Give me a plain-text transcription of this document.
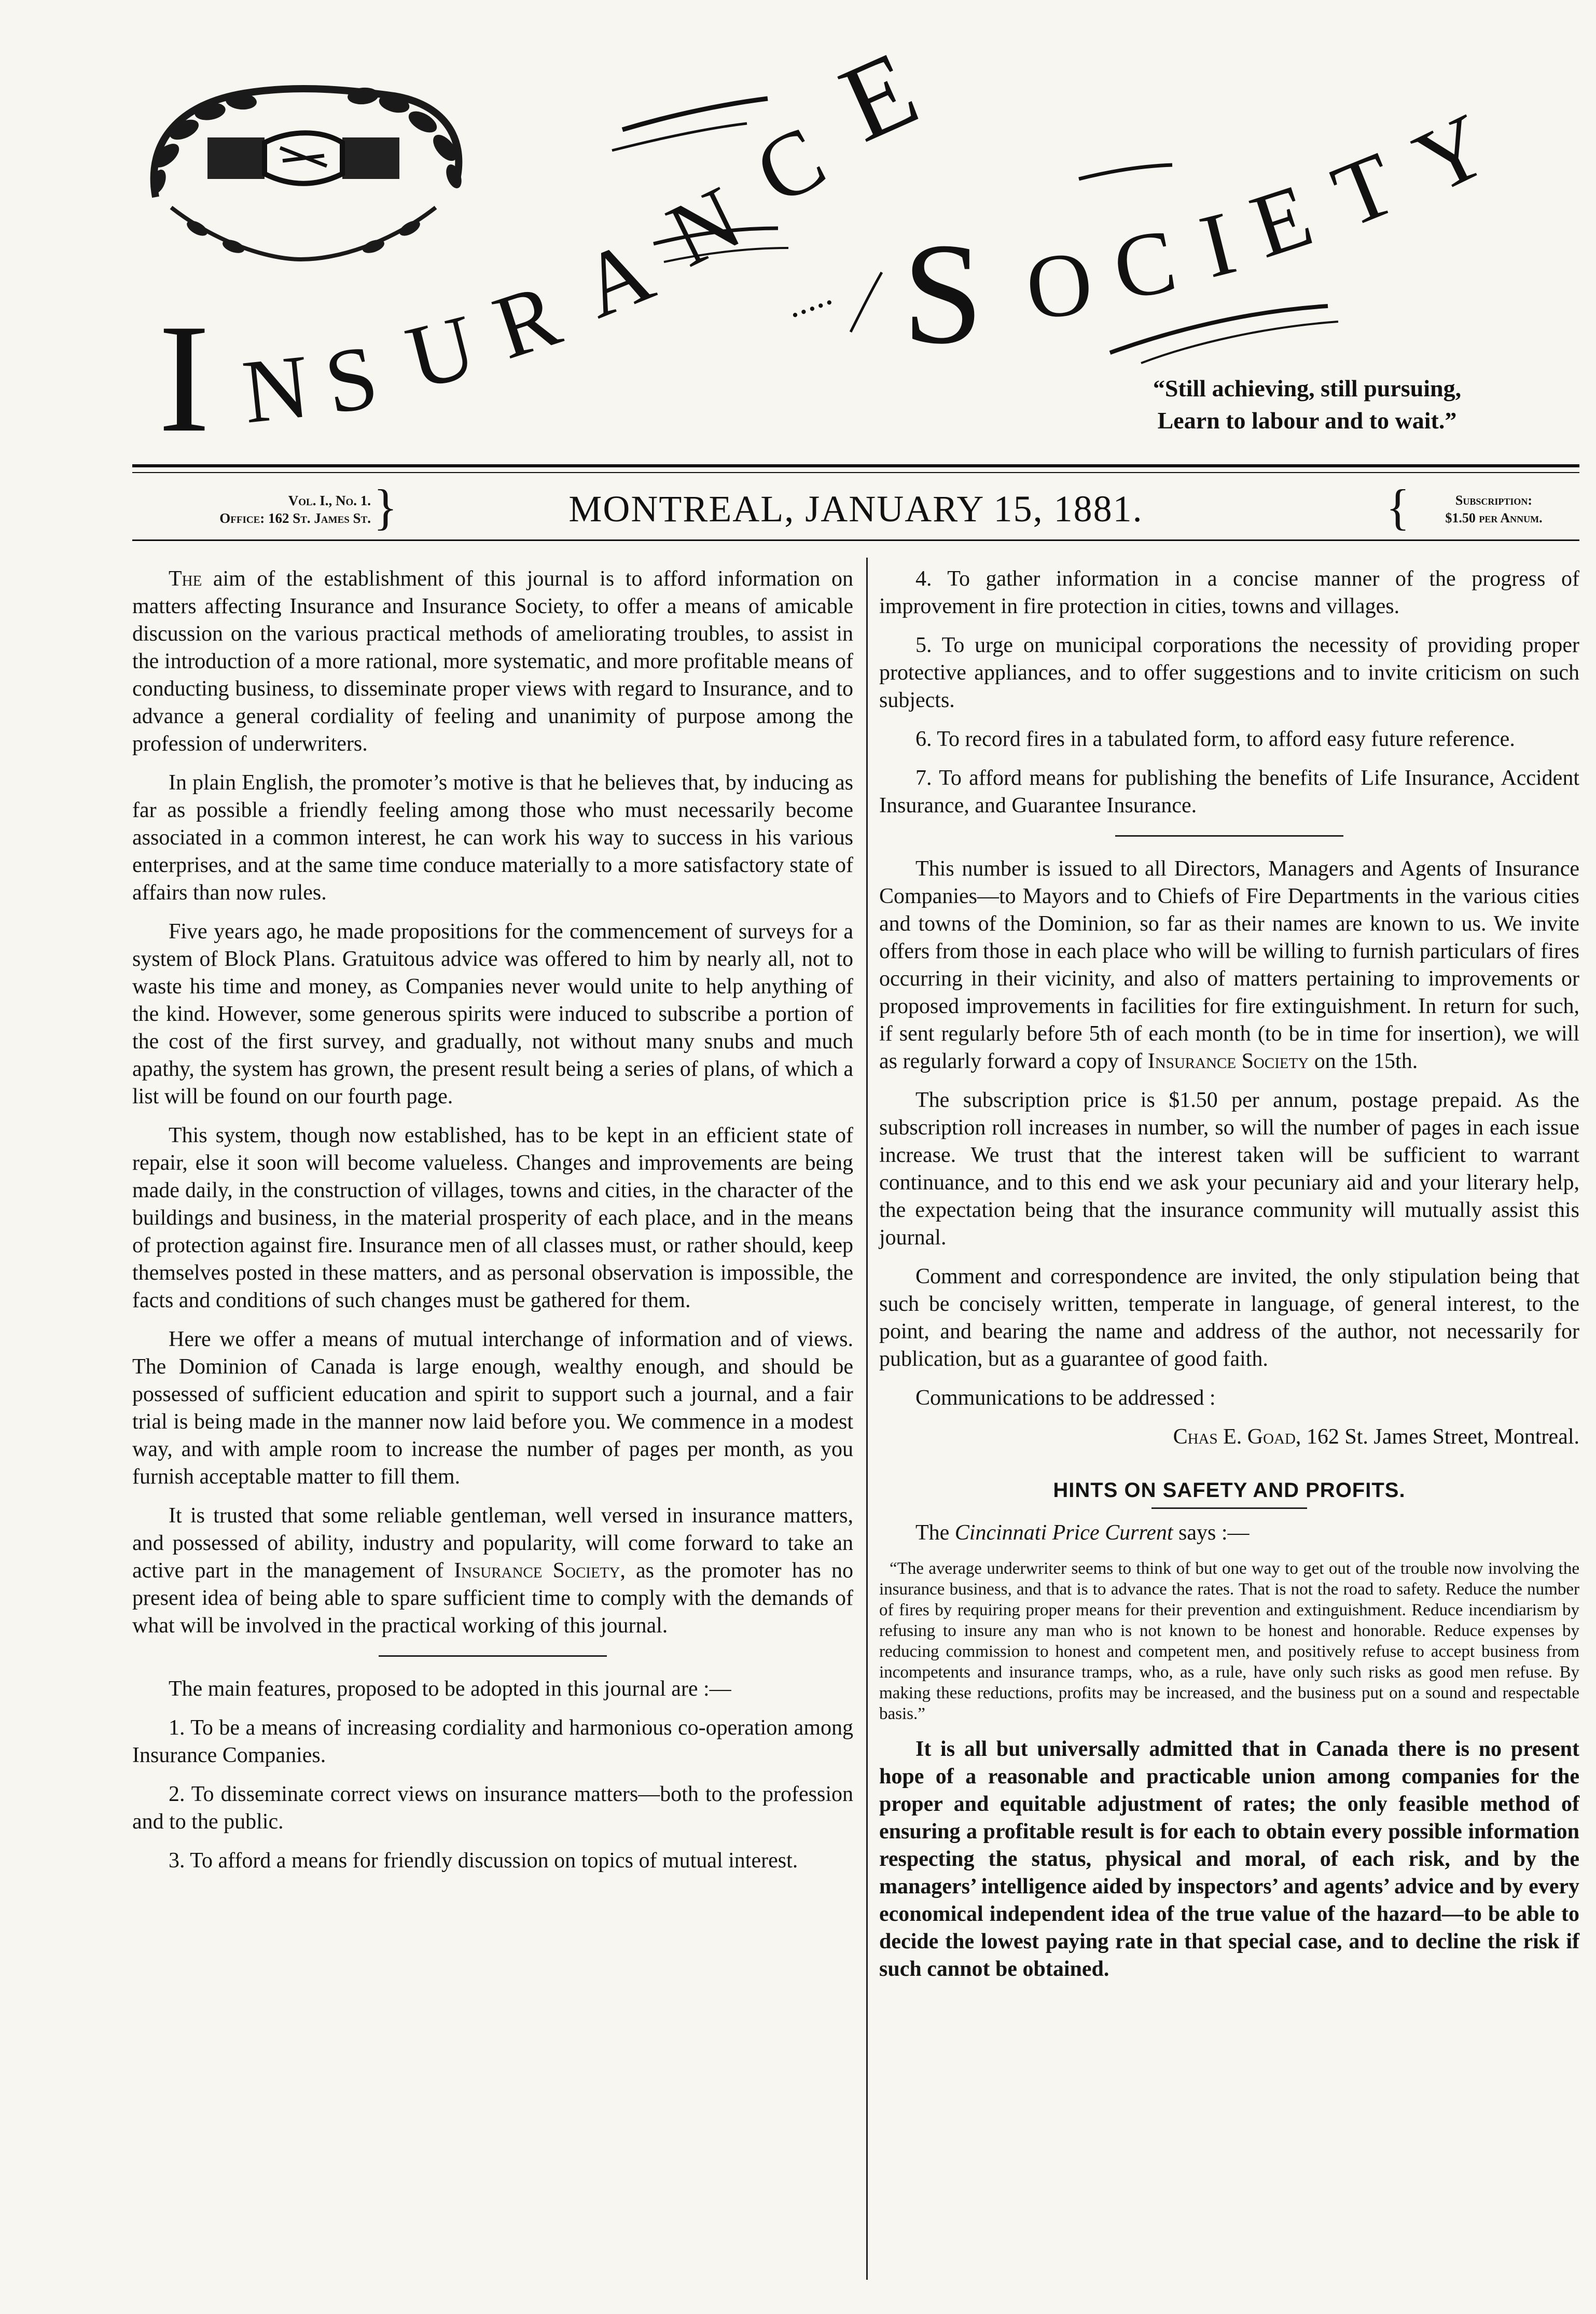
I N S U
R
A
N
C
E
..... S O C I
E
T
Y
“Still achieving, still pursuing,
Learn to labour and to wait.”
Vol. I., No. 1.
Office: 162 St. James St. }	MONTREAL, JANUARY 15, 1881.	{	Subscription:
$1.50 per Annum.

The aim of the establishment of this journal is to afford information on matters affecting Insurance and Insurance Society, to offer a means of amicable discussion on the various practical methods of ameliorating troubles, to assist in the introduction of a more rational, more systematic, and more profitable means of conducting business, to disseminate proper views with regard to Insurance, and to advance a general cordiality of feeling and unanimity of purpose among the profession of underwriters.

In plain English, the promoter’s motive is that he believes that, by inducing as far as possible a friendly feeling among those who must necessarily become associated in a common interest, he can work his way to success in his various enterprises, and at the same time conduce materially to a more satisfactory state of affairs than now rules.

Five years ago, he made propositions for the commencement of surveys for a system of Block Plans. Gratuitous advice was offered to him by nearly all, not to waste his time and money, as Companies never would unite to help anything of the kind. However, some generous spirits were induced to subscribe a portion of the cost of the first survey, and gradually, not without many snubs and much apathy, the system has grown, the present result being a series of plans, of which a list will be found on our fourth page.

This system, though now established, has to be kept in an efficient state of repair, else it soon will become valueless. Changes and improvements are being made daily, in the construction of villages, towns and cities, in the character of the buildings and business, in the material prosperity of each place, and in the means of protection against fire. Insurance men of all classes must, or rather should, keep themselves posted in these matters, and as personal observation is impossible, the facts and conditions of such changes must be gathered for them.

Here we offer a means of mutual interchange of information and of views. The Dominion of Canada is large enough, wealthy enough, and should be possessed of sufficient education and spirit to support such a journal, and a fair trial is being made in the manner now laid before you. We commence in a modest way, and with ample room to increase the number of pages per month, as you furnish acceptable matter to fill them.

It is trusted that some reliable gentleman, well versed in insurance matters, and possessed of ability, industry and popularity, will come forward to take an active part in the management of Insurance Society, as the promoter has no present idea of being able to spare sufficient time to comply with the demands of what will be involved in the practical working of this journal.

The main features, proposed to be adopted in this journal are :—

1. To be a means of increasing cordiality and harmonious co-operation among Insurance Companies.

2. To disseminate correct views on insurance matters—both to the profession and to the public.

3. To afford a means for friendly discussion on topics of mutual interest.

4. To gather information in a concise manner of the progress of improvement in fire protection in cities, towns and villages.

5. To urge on municipal corporations the necessity of providing proper protective appliances, and to offer suggestions and to invite criticism on such subjects.

6. To record fires in a tabulated form, to afford easy future reference.

7. To afford means for publishing the benefits of Life Insurance, Accident Insurance, and Guarantee Insurance.

This number is issued to all Directors, Managers and Agents of Insurance Companies—to Mayors and to Chiefs of Fire Departments in the various cities and towns of the Dominion, so far as their names are known to us. We invite offers from those in each place who will be willing to furnish particulars of fires occurring in their vicinity, and also of matters pertaining to improvements or proposed improvements in facilities for fire extinguishment. In return for such, if sent regularly before 5th of each month (to be in time for insertion), we will as regularly forward a copy of Insurance Society on the 15th.

The subscription price is $1.50 per annum, postage prepaid. As the subscription roll increases in number, so will the number of pages in each issue increase. We trust that the interest taken will be sufficient to warrant continuance, and to this end we ask your pecuniary aid and your literary help, the expectation being that the insurance community will mutually assist this journal.

Comment and correspondence are invited, the only stipulation being that such be concisely written, temperate in language, of general interest, to the point, and bearing the name and address of the author, not necessarily for publication, but as a guarantee of good faith.

Communications to be addressed :

Chas E. Goad, 162 St. James Street, Montreal.

HINTS ON SAFETY AND PROFITS.

The Cincinnati Price Current says :—

“The average underwriter seems to think of but one way to get out of the trouble now involving the insurance business, and that is to advance the rates. That is not the road to safety. Reduce the number of fires by requiring proper means for their prevention and extinguishment. Reduce incendiarism by refusing to insure any man who is not known to be honest and honorable. Reduce expenses by reducing commission to honest and competent men, and positively refuse to accept business from incompetents and insurance tramps, who, as a rule, have only such risks as good men refuse. By making these reductions, profits may be increased, and the business put on a sound and respectable basis.”

It is all but universally admitted that in Canada there is no present hope of a reasonable and practicable union among companies for the proper and equitable adjustment of rates; the only feasible method of ensuring a profitable result is for each to obtain every possible information respecting the status, physical and moral, of each risk, and by the managers’ intelligence aided by inspectors’ and agents’ advice and by every economical independent idea of the true value of the hazard—to be able to decide the lowest paying rate in that special case, and to decline the risk if such cannot be obtained.
